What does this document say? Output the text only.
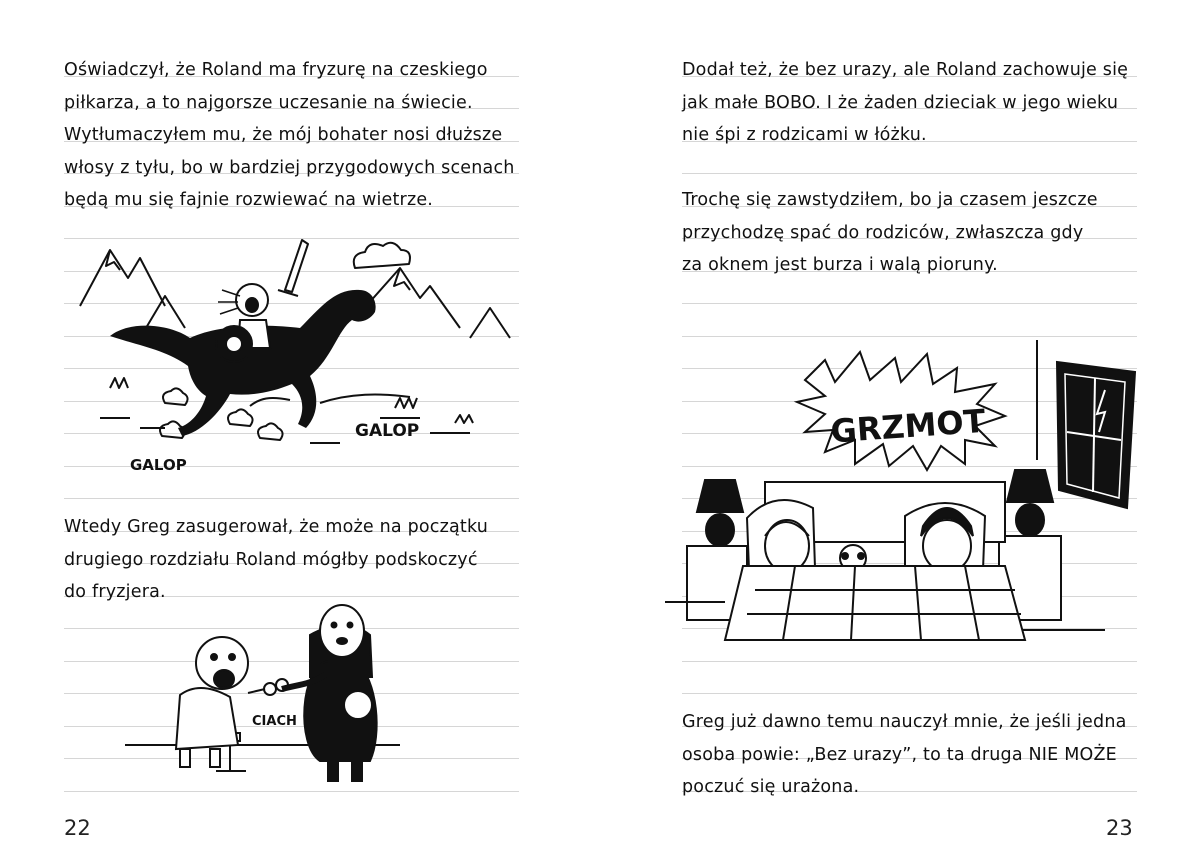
Oświadczył, że Roland ma fryzurę na czeskiego

piłkarza, a to najgorsze uczesanie na świecie.

Wytłumaczyłem mu, że mój bohater nosi dłuższe

włosy z tyłu, bo w bardziej przygodowych scenach

będą mu się fajnie rozwiewać na wietrze.

GALOP
GALOP

Wtedy Greg zasugerował, że może na początku

drugiego rozdziału Roland mógłby podskoczyć

do fryzjera.

CIACH
22

Dodał też, że bez urazy, ale Roland zachowuje się

jak małe BOBO. I że żaden dzieciak w jego wieku

nie śpi z rodzicami w łóżku.

Trochę się zawstydziłem, bo ja czasem jeszcze

przychodzę spać do rodziców, zwłaszcza gdy

za oknem jest burza i walą pioruny.

GRZMOT

Greg już dawno temu nauczył mnie, że jeśli jedna

osoba powie: „Bez urazy”, to ta druga NIE MOŻE

poczuć się urażona.

23
